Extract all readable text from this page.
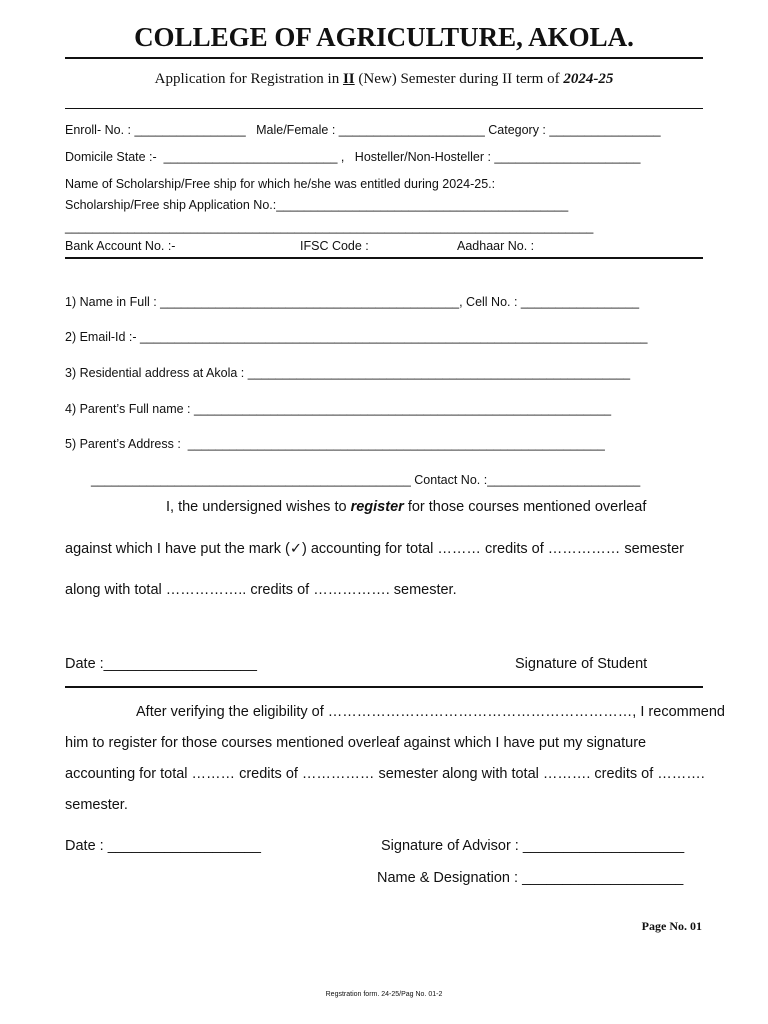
COLLEGE OF AGRICULTURE, AKOLA.
Application for Registration in II (New) Semester during II term of 2024-25
Enroll- No. : ________________   Male/Female : _____________________ Category : ________________
Domicile State :-  _________________________ ,   Hosteller/Non-Hosteller : _____________________
Name of Scholarship/Free ship for which he/she was entitled during 2024-25.:
Scholarship/Free ship Application No.:__________________________________________
____________________________________________________________________________
Bank Account No. :-	IFSC Code :	Aadhaar No. :
1) Name in Full : ___________________________________________, Cell No. : _________________
2) Email-Id :- _________________________________________________________________________
3) Residential address at Akola : _______________________________________________________
4) Parent’s Full name : ____________________________________________________________
5) Parent’s Address :  ____________________________________________________________
______________________________________________ Contact No. :______________________
I, the undersigned wishes to register for those courses mentioned overleaf
against which I have put the mark (✓) accounting for total ……… credits of …………… semester
along with total …………….. credits of ……………. semester.
Date :___________________	Signature of Student
After verifying the eligibility of ………………………………………………………, I recommend
him to register for those courses mentioned overleaf against which I have put my signature
accounting for total ……… credits of …………… semester along with total ………. credits of ……….
semester.
Date : ___________________	Signature of Advisor : ____________________
Name & Designation : ____________________
Page No. 01
Regstration form. 24-25/Pag No. 01-2
